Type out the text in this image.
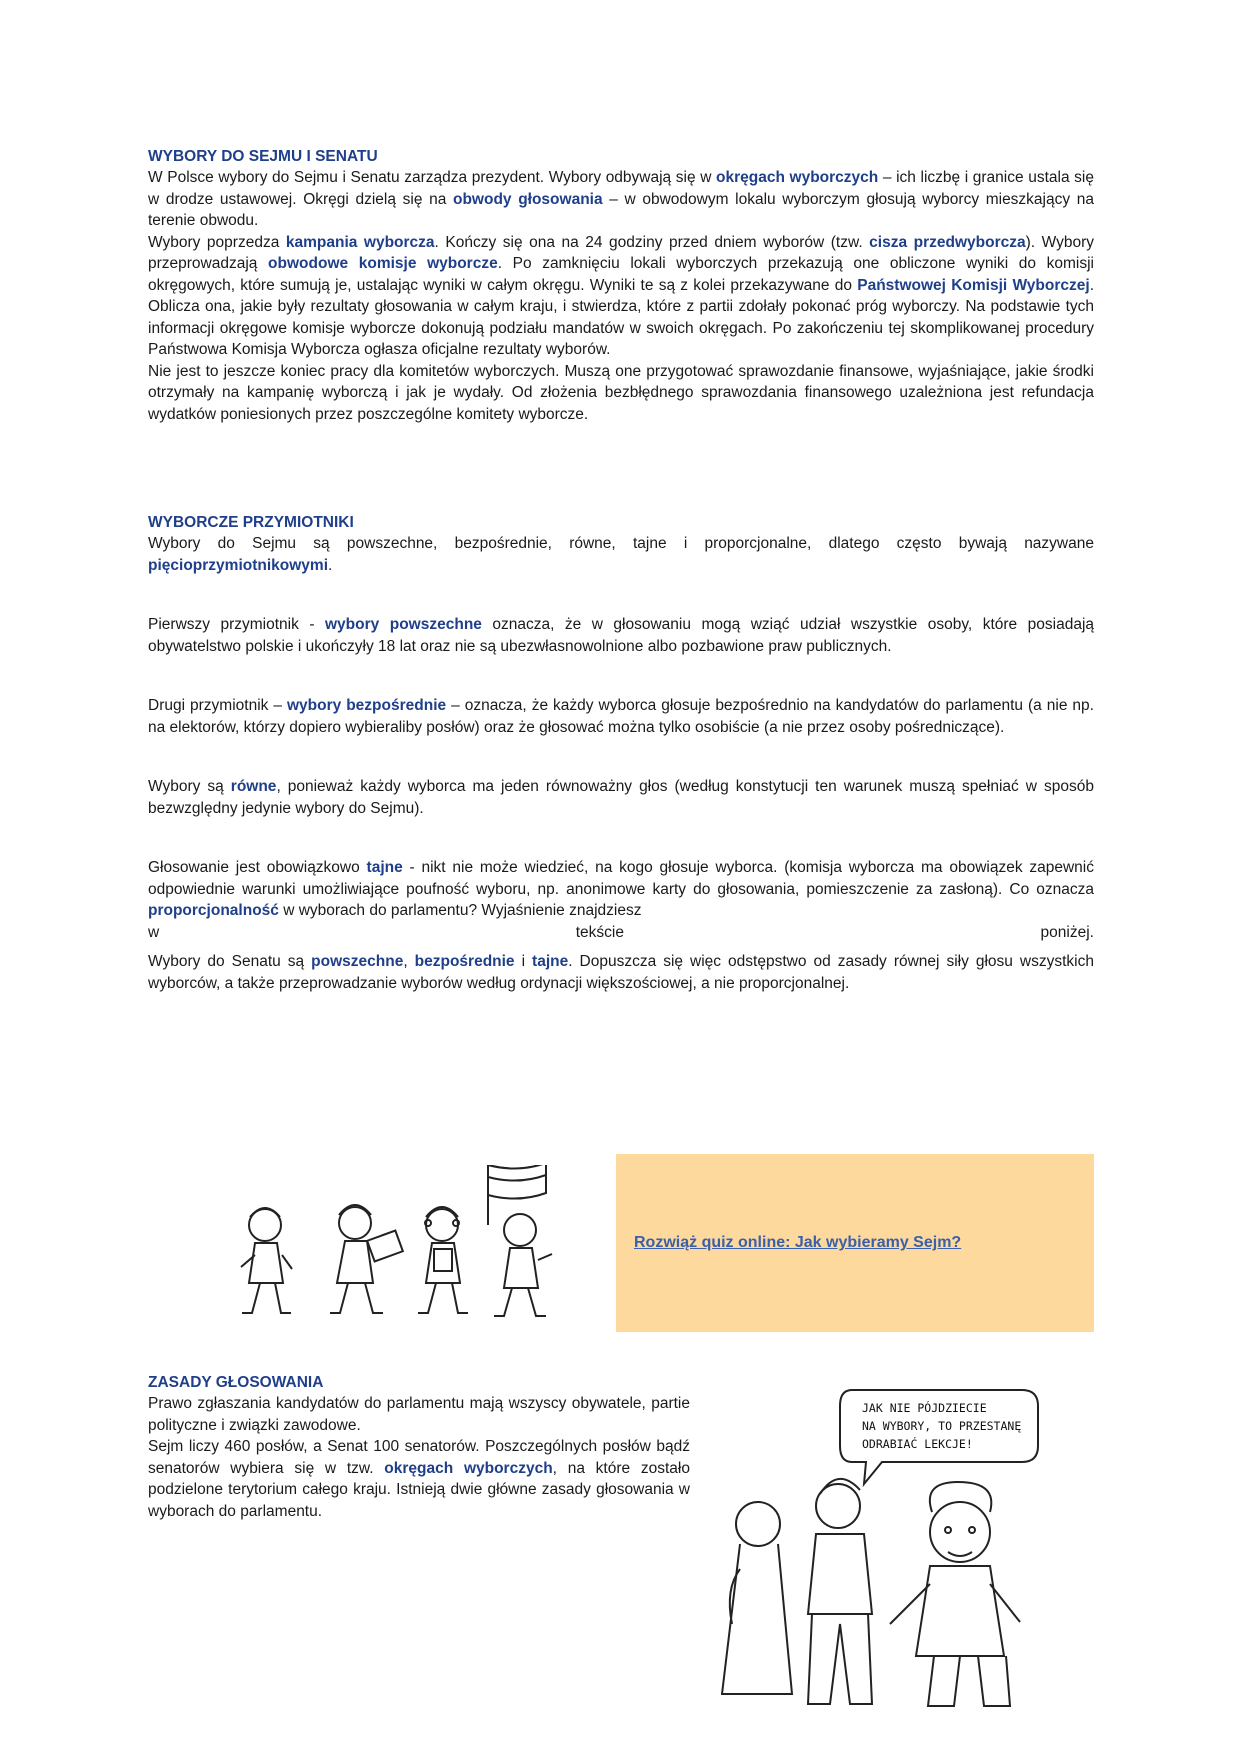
WYBORY DO SEJMU I SENATU

W Polsce wybory do Sejmu i Senatu zarządza prezydent. Wybory odbywają się w okręgach wyborczych – ich liczbę i granice ustala się w drodze ustawowej. Okręgi dzielą się na obwody głosowania – w obwodowym lokalu wyborczym głosują wyborcy mieszkający na terenie obwodu.

Wybory poprzedza kampania wyborcza. Kończy się ona na 24 godziny przed dniem wyborów (tzw. cisza przedwyborcza). Wybory przeprowadzają obwodowe komisje wyborcze. Po zamknięciu lokali wyborczych przekazują one obliczone wyniki do komisji okręgowych, które sumują je, ustalając wyniki w całym okręgu. Wyniki te są z kolei przekazywane do Państwowej Komisji Wyborczej. Oblicza ona, jakie były rezultaty głosowania w całym kraju, i stwierdza, które z partii zdołały pokonać próg wyborczy. Na podstawie tych informacji okręgowe komisje wyborcze dokonują podziału mandatów w swoich okręgach. Po zakończeniu tej skomplikowanej procedury Państwowa Komisja Wyborcza ogłasza oficjalne rezultaty wyborów.

Nie jest to jeszcze koniec pracy dla komitetów wyborczych. Muszą one przygotować sprawozdanie finansowe, wyjaśniające, jakie środki otrzymały na kampanię wyborczą i jak je wydały. Od złożenia bezbłędnego sprawozdania finansowego uzależniona jest refundacja wydatków poniesionych przez poszczególne komitety wyborcze.

WYBORCZE PRZYMIOTNIKI

Wybory do Sejmu są powszechne, bezpośrednie, równe, tajne i proporcjonalne, dlatego często bywają nazywane pięcioprzymiotnikowymi.

Pierwszy przymiotnik - wybory powszechne oznacza, że w głosowaniu mogą wziąć udział wszystkie osoby, które posiadają obywatelstwo polskie i ukończyły 18 lat oraz nie są ubezwłasnowolnione albo pozbawione praw publicznych.

Drugi przymiotnik – wybory bezpośrednie – oznacza, że każdy wyborca głosuje bezpośrednio na kandydatów do parlamentu (a nie np. na elektorów, którzy dopiero wybieraliby posłów) oraz że głosować można tylko osobiście (a nie przez osoby pośredniczące).

Wybory są równe, ponieważ każdy wyborca ma jeden równoważny głos (według konstytucji ten warunek muszą spełniać w sposób bezwzględny jedynie wybory do Sejmu).

Głosowanie jest obowiązkowo tajne - nikt nie może wiedzieć, na kogo głosuje wyborca. (komisja wyborcza ma obowiązek zapewnić odpowiednie warunki umożliwiające poufność wyboru, np. anonimowe karty do głosowania, pomieszczenie za zasłoną). Co oznacza proporcjonalność w wyborach do parlamentu? Wyjaśnienie znajdziesz

w	tekście	poniżej.

Wybory do Senatu są powszechne, bezpośrednie i tajne. Dopuszcza się więc odstępstwo od zasady równej siły głosu wszystkich wyborców, a także przeprowadzanie wyborów według ordynacji większościowej, a nie proporcjonalnej.

Rozwiąż quiz online: Jak wybieramy Sejm?
ZASADY GŁOSOWANIA

Prawo zgłaszania kandydatów do parlamentu mają wszyscy obywatele, partie polityczne i związki zawodowe.

Sejm liczy 460 posłów, a Senat 100 senatorów. Poszczególnych posłów bądź senatorów wybiera się w tzw. okręgach wyborczych, na które zostało podzielone terytorium całego kraju. Istnieją dwie główne zasady głosowania w wyborach do parlamentu.

JAK NIE PÓJDZIECIE
NA WYBORY, TO PRZESTANĘ
ODRABIAĆ LEKCJE!
